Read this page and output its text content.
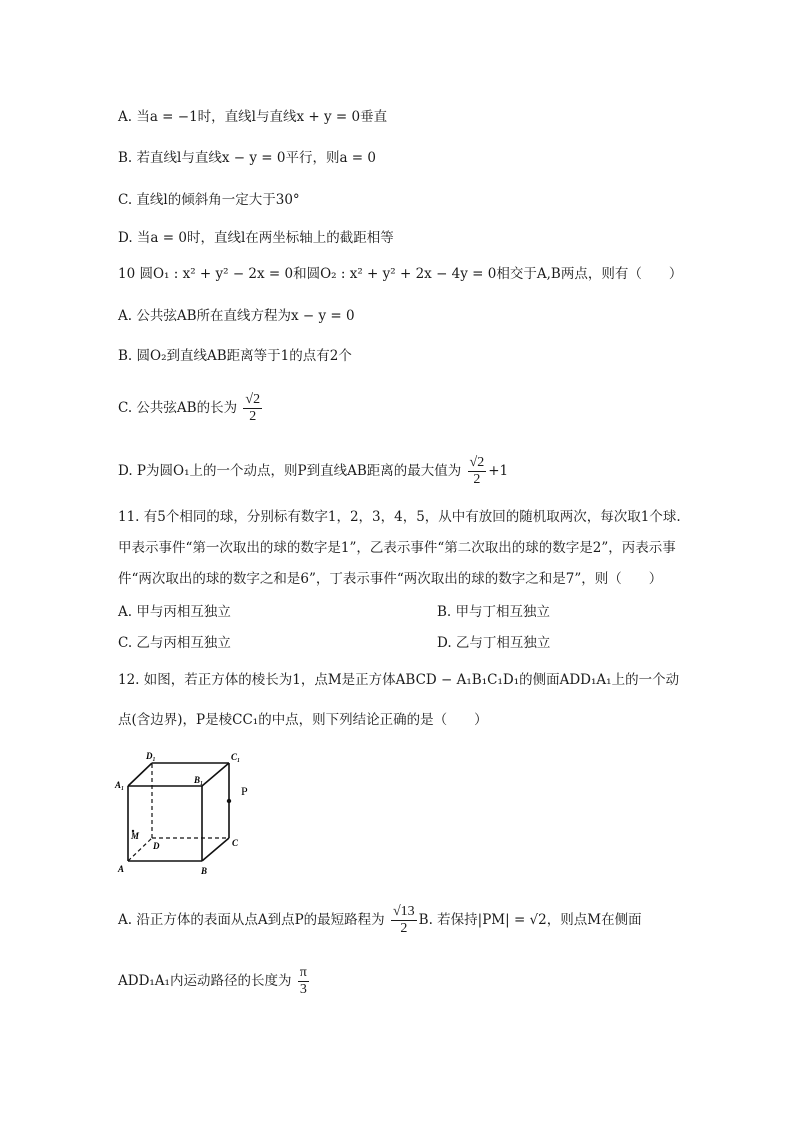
A. 当a = −1时，直线l与直线x + y = 0垂直
B. 若直线l与直线x − y = 0平行，则a = 0
C. 直线l的倾斜角一定大于30°
D. 当a = 0时，直线l在两坐标轴上的截距相等
10 圆O₁ : x² + y² − 2x = 0和圆O₂ : x² + y² + 2x − 4y = 0相交于A,B两点，则有（　　）
A. 公共弦AB所在直线方程为x − y = 0
B. 圆O₂到直线AB距离等于1的点有2个
C. 公共弦AB的长为 $\frac{√2}{2}$
D. P为圆O₁上的一个动点，则P到直线AB距离的最大值为 $\frac{√2}{2} +1$
11. 有5个相同的球，分别标有数字1，2，3，4，5，从中有放回的随机取两次，每次取1个球.
甲表示事件“第一次取出的球的数字是1”，乙表示事件“第二次取出的球的数字是2”，丙表示事
件“两次取出的球的数字之和是6”，丁表示事件“两次取出的球的数字之和是7”，则（　　）
A. 甲与丙相互独立	B. 甲与丁相互独立
C. 乙与丙相互独立	D. 乙与丁相互独立
12. 如图，若正方体的棱长为1，点M是正方体ABCD − A₁B₁C₁D₁的侧面ADD₁A₁上的一个动
点(含边界)，P是棱CC₁的中点，则下列结论正确的是（　　）
D₁	C₁
A₁	B₁
P
M
D	C
A	B
A. 沿正方体的表面从点A到点P的最短路程为 $\frac{√13}{2} B$. 若保持|PM| = √2，则点M在侧面
ADD₁A₁内运动路径的长度为 $\frac{\pi}{3}$
